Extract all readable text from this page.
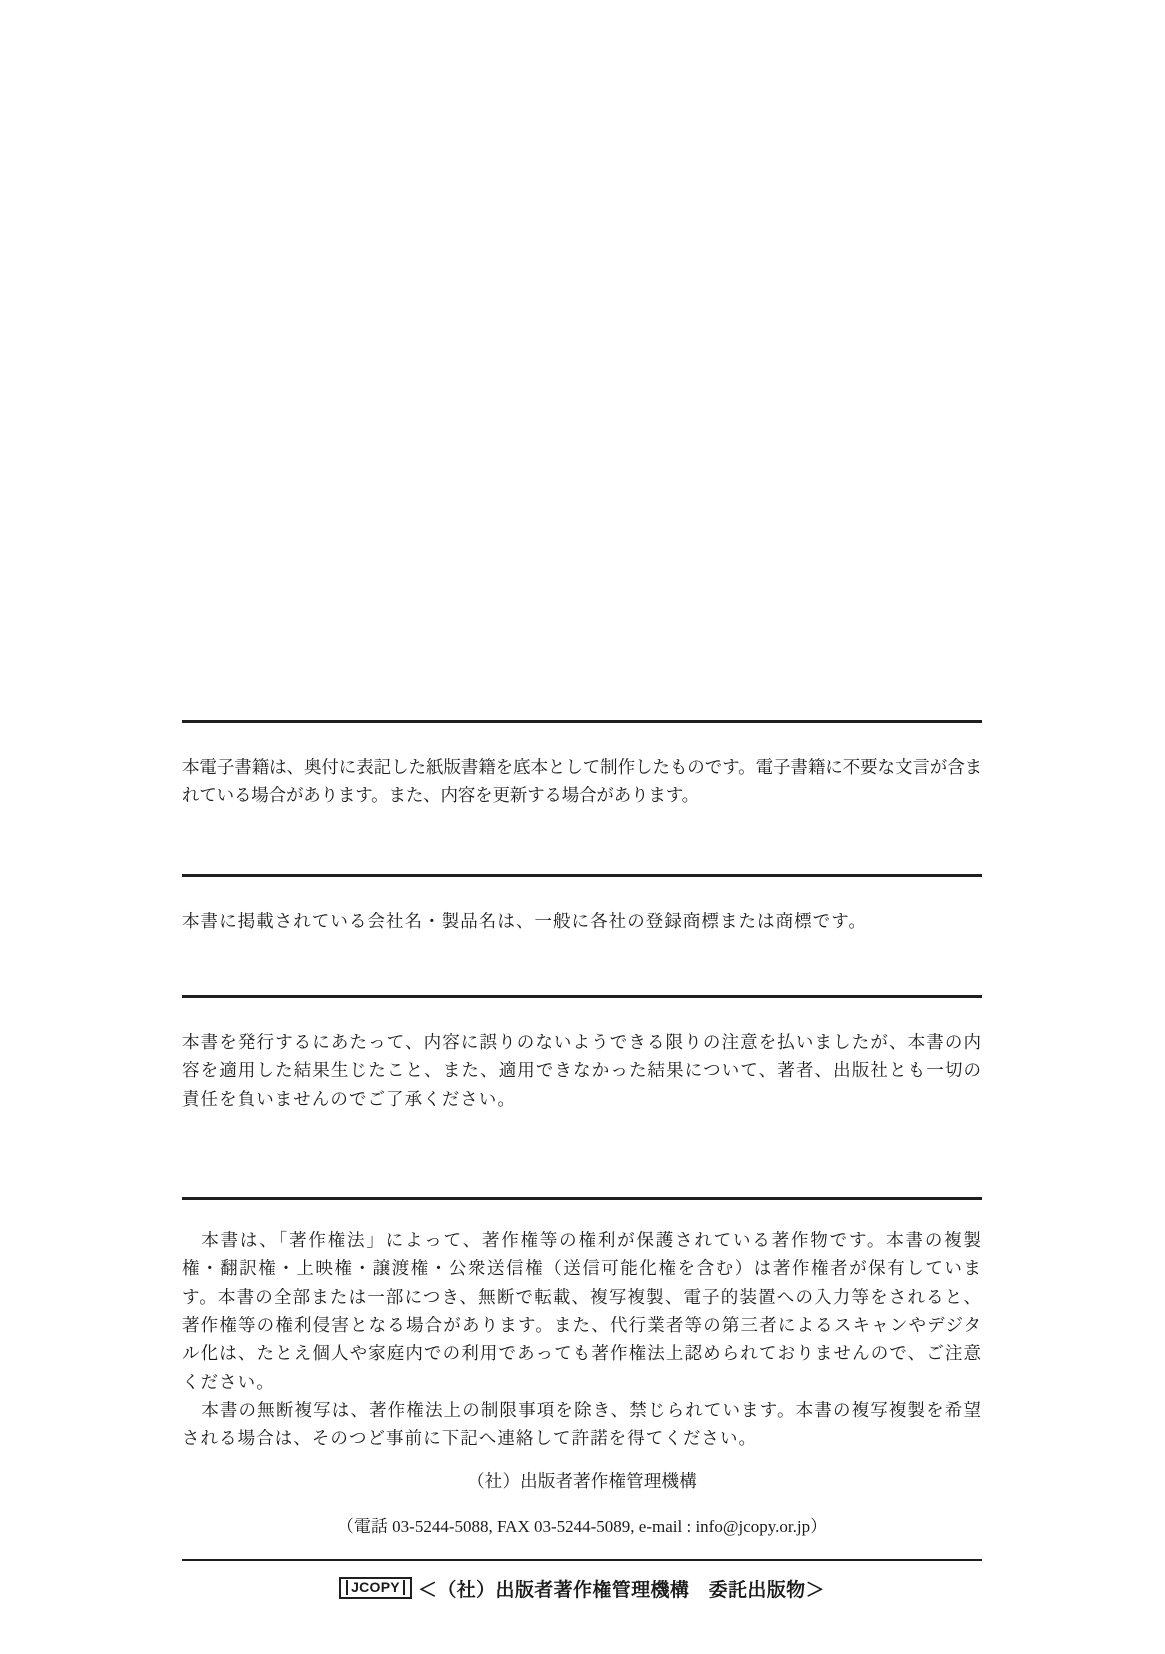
本電子書籍は、奥付に表記した紙版書籍を底本として制作したものです。電子書籍に不要な文言が含まれている場合があります。また、内容を更新する場合があります。

本書に掲載されている会社名・製品名は、一般に各社の登録商標または商標です。

本書を発行するにあたって、内容に誤りのないようできる限りの注意を払いましたが、本書の内容を適用した結果生じたこと、また、適用できなかった結果について、著者、出版社とも一切の責任を負いませんのでご了承ください。

本書は、「著作権法」によって、著作権等の権利が保護されている著作物です。本書の複製権・翻訳権・上映権・譲渡権・公衆送信権（送信可能化権を含む）は著作権者が保有しています。本書の全部または一部につき、無断で転載、複写複製、電子的装置への入力等をされると、著作権等の権利侵害となる場合があります。また、代行業者等の第三者によるスキャンやデジタル化は、たとえ個人や家庭内での利用であっても著作権法上認められておりませんので、ご注意ください。

本書の無断複写は、著作権法上の制限事項を除き、禁じられています。本書の複写複製を希望される場合は、そのつど事前に下記へ連絡して許諾を得てください。

（社）出版者著作権管理機構

（電話 03-5244-5088, FAX 03-5244-5089, e-mail : info@jcopy.or.jp）

JCOPY ＜（社）出版者著作権管理機構　委託出版物＞
